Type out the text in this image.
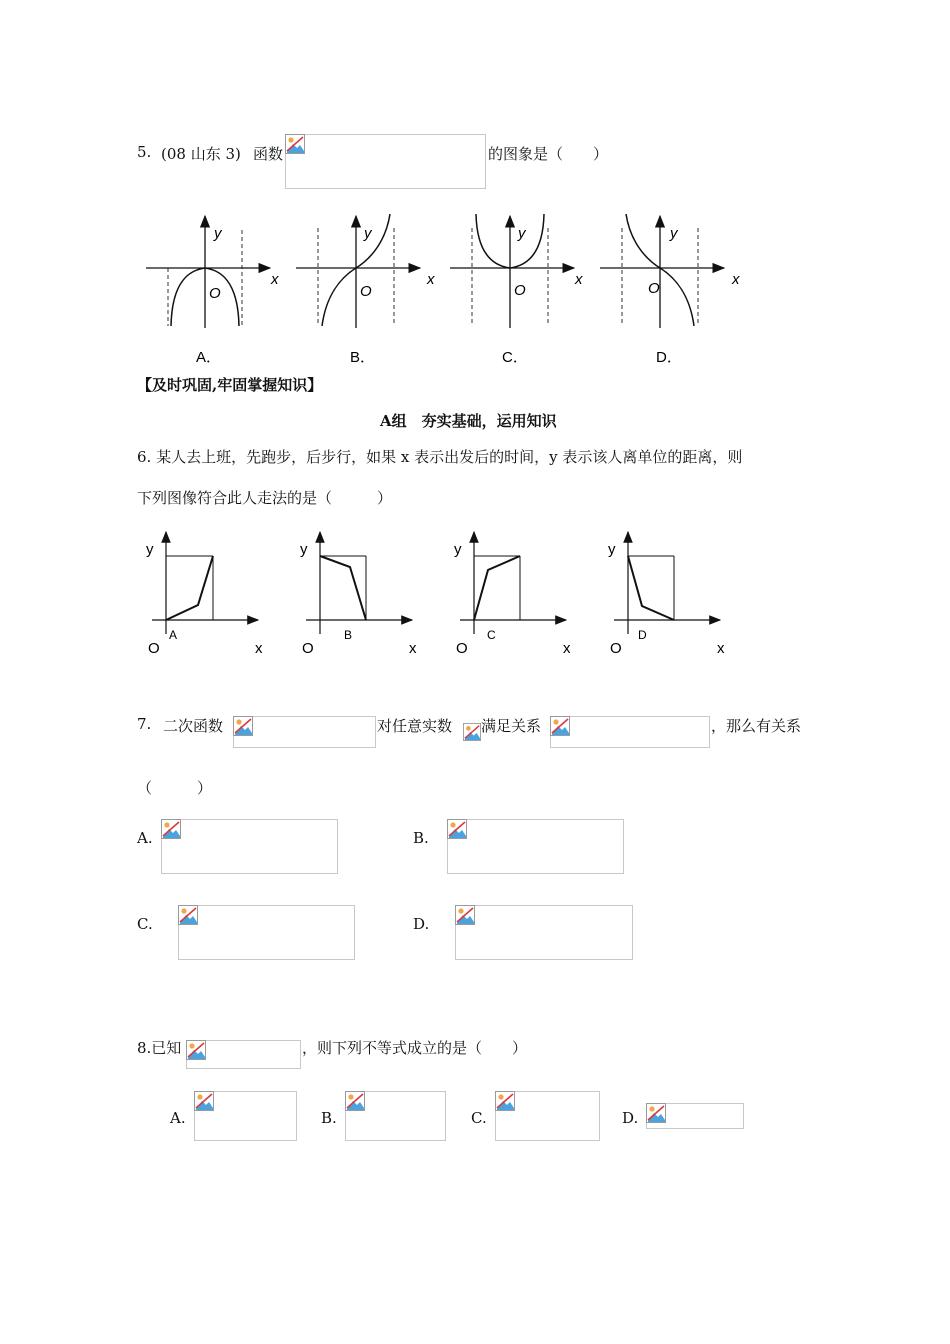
5. (08 山东 3) 函数	的图象是（　　）
y
x
O
A．
y
x
O
B．
y
x
O
C．
y
x
O
D．
【及时巩固,牢固掌握知识】
A组　夯实基础，运用知识
6. 某人去上班，先跑步，后步行，如果 x 表示出发后的时间，y 表示该人离单位的距离，则
下列图像符合此人走法的是（　　　）
y
O	x
A
y
O	x
B
y
O	x
C
y
O	x
D
7. 二次函数	对任意实数 满足关系	，那么有关系
（　　　）
A.	B.
C.	D.
8.已知	，则下列不等式成立的是（　　）
A.	B.	C.	D.
